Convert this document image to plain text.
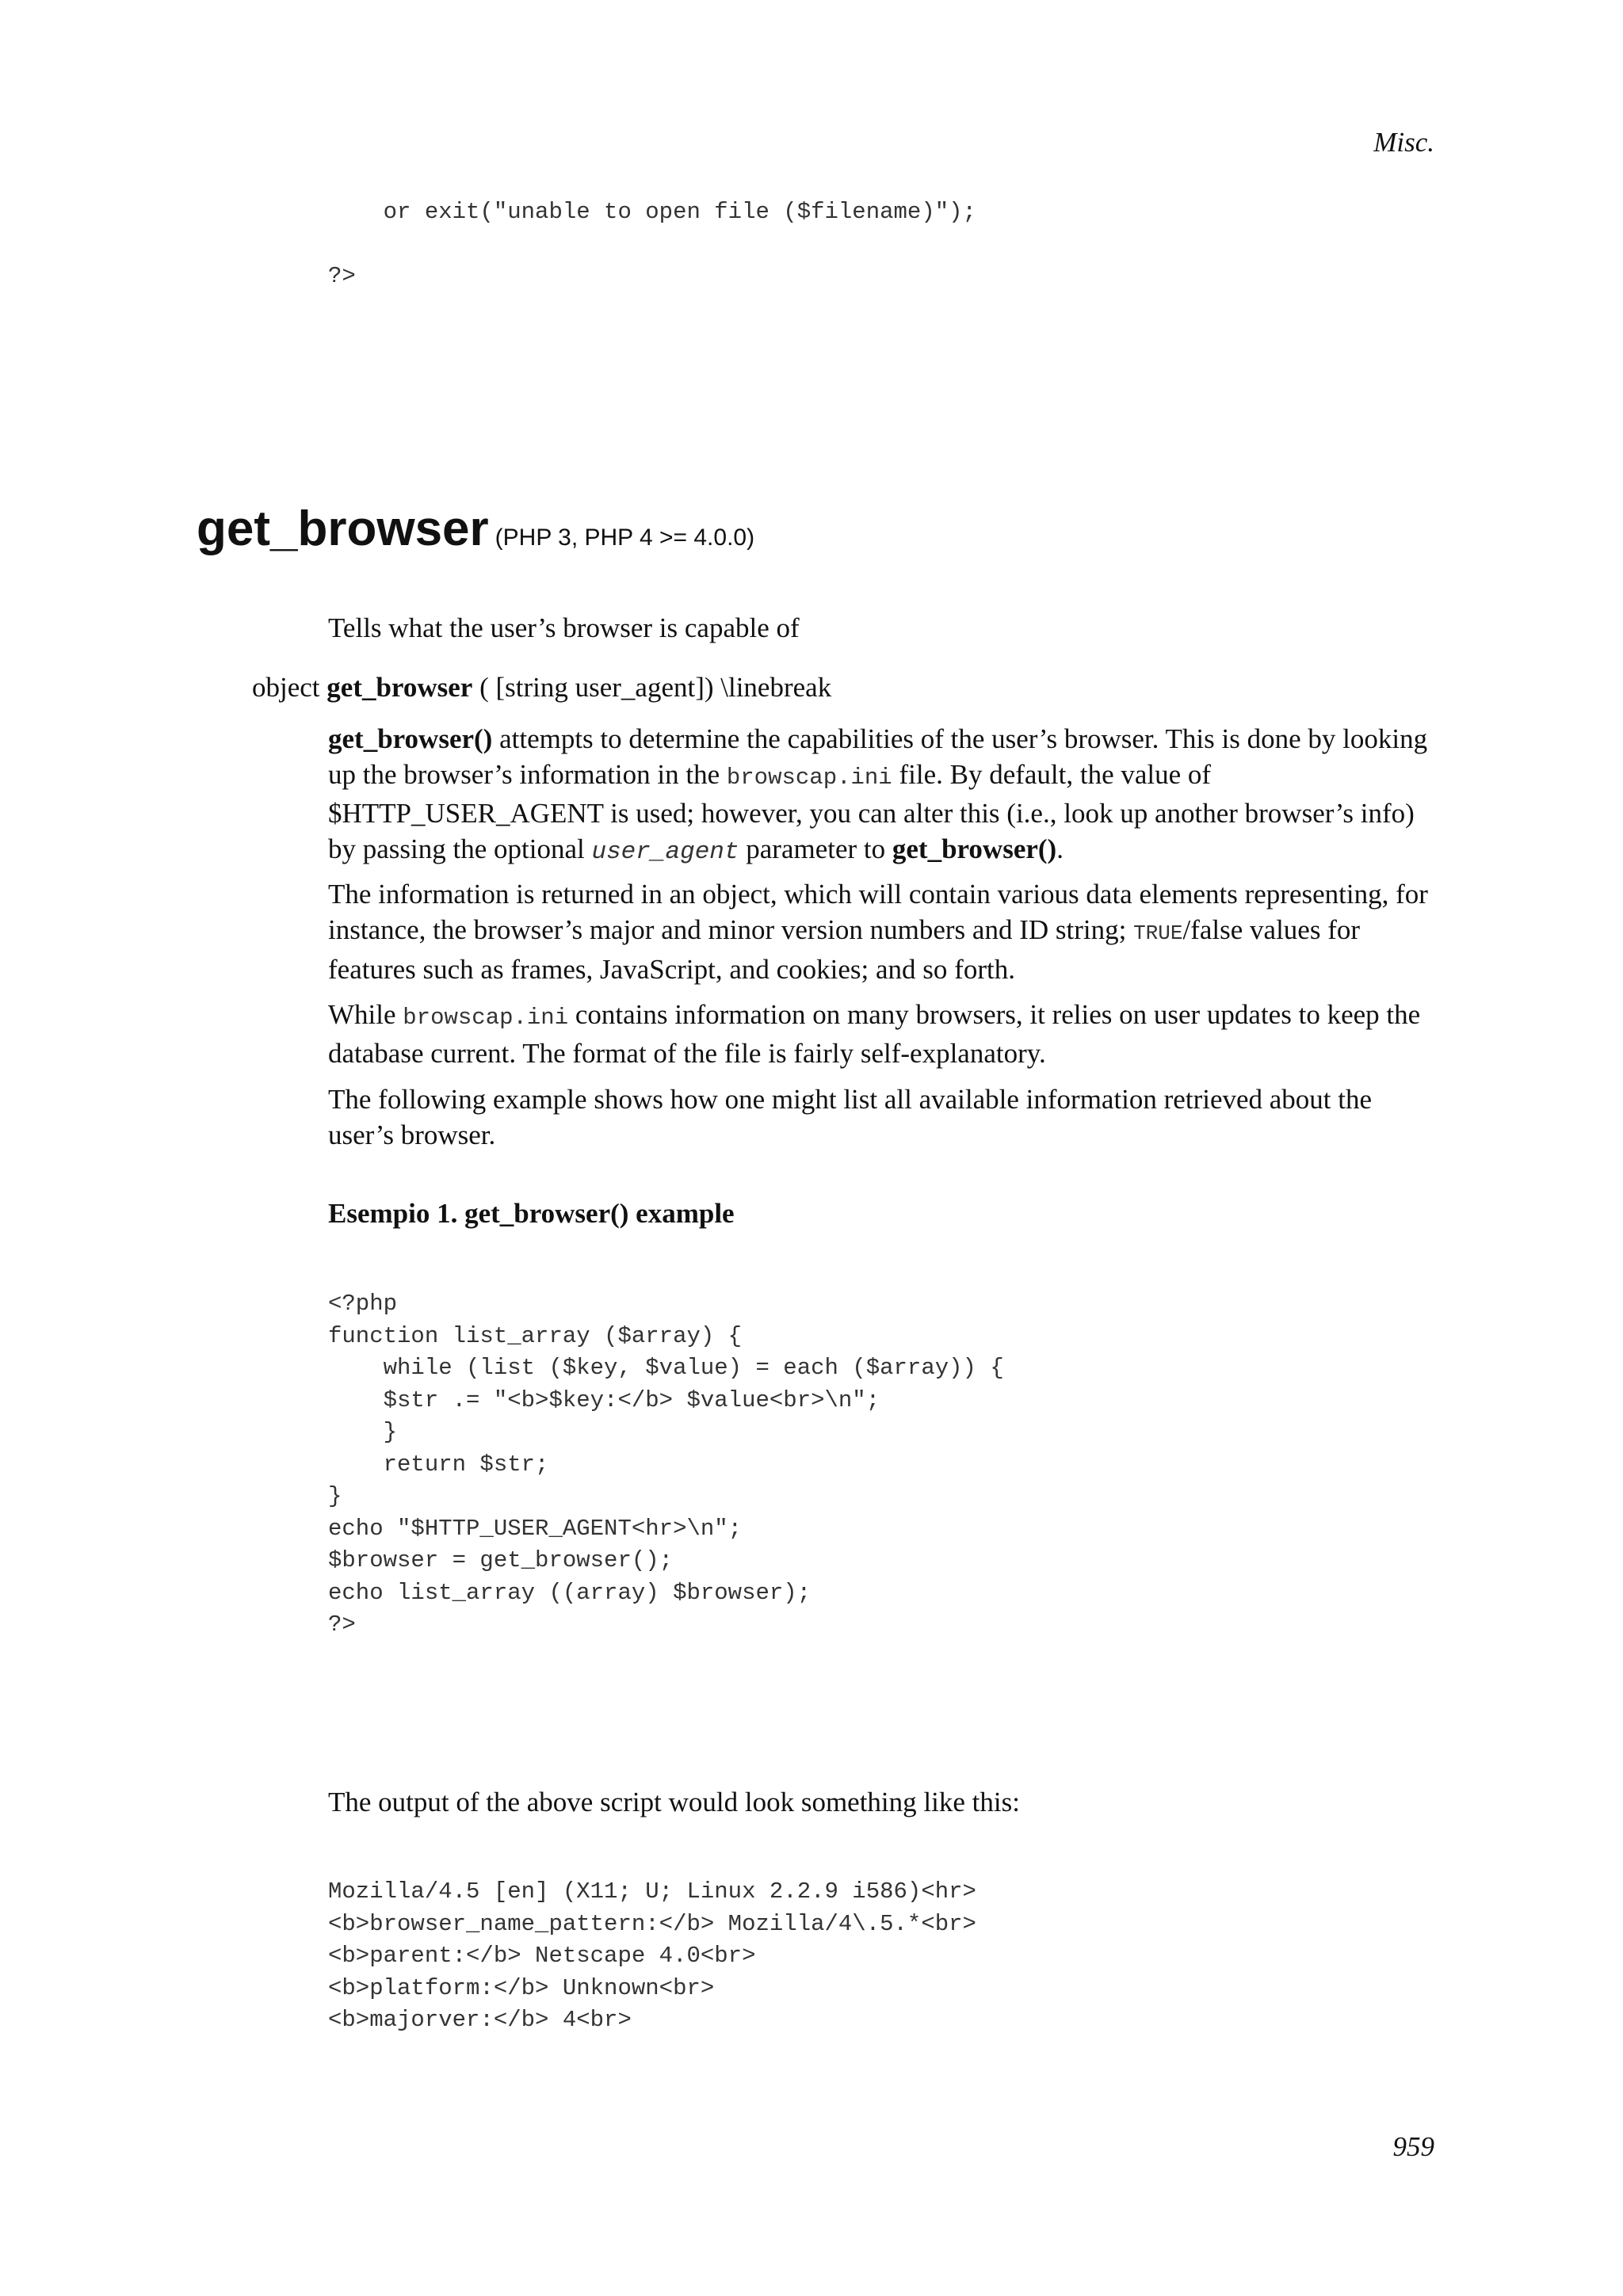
Misc.
or exit("unable to open file ($filename)");

?>
get_browser (PHP 3, PHP 4 >= 4.0.0)
Tells what the user’s browser is capable of
object get_browser ( [string user_agent]) \linebreak
get_browser() attempts to determine the capabilities of the user’s browser. This is done by looking up the browser’s information in the browscap.ini file. By default, the value of $HTTP_USER_AGENT is used; however, you can alter this (i.e., look up another browser’s info) by passing the optional user_agent parameter to get_browser().
The information is returned in an object, which will contain various data elements representing, for instance, the browser’s major and minor version numbers and ID string; TRUE/false values for features such as frames, JavaScript, and cookies; and so forth.
While browscap.ini contains information on many browsers, it relies on user updates to keep the database current. The format of the file is fairly self-explanatory.
The following example shows how one might list all available information retrieved about the user’s browser.
Esempio 1. get_browser() example
<?php
function list_array ($array) {
while (list ($key, $value) = each ($array)) {
$str .= "<b>$key:</b> $value<br>\n";
}
return $str;
}
echo "$HTTP_USER_AGENT<hr>\n";
$browser = get_browser();
echo list_array ((array) $browser);
?>
The output of the above script would look something like this:
Mozilla/4.5 [en] (X11; U; Linux 2.2.9 i586)<hr>
<b>browser_name_pattern:</b> Mozilla/4\.5.*<br>
<b>parent:</b> Netscape 4.0<br>
<b>platform:</b> Unknown<br>
<b>majorver:</b> 4<br>
959
